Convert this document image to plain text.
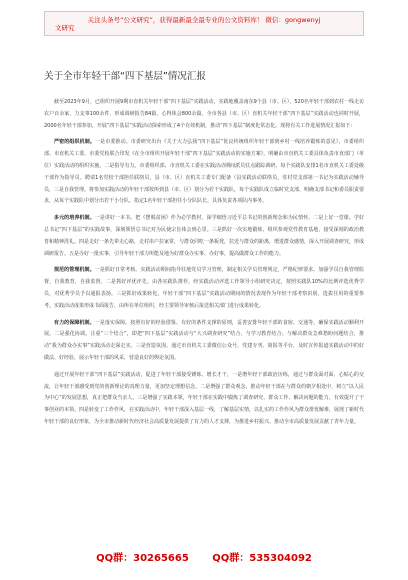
关注头条号“公文研究”，获得最新最全最专业的公文资料库！ 微信：gongwenyj
文研究
关于全市年轻干部“四下基层”情况汇报

截至2023年9月，已组织开展9期市直机关年轻干部“四下基层”实践活动，实践地覆盖南东9个县（市、区），520名年轻干部到农村一线走访农户百余家，力支事100余件，形成调研报告84篇，心得体会800余篇。全市各县（市、区）直机关年轻干部“四下基层”实践活动也同时开展，2000名年轻干部参加。开展“四下基层”实践活动探索形成了4个有效机制，推动“四下基层”制度化常态化。现将有关工作进展情况汇报如下：

严密的组织机制。一是市委推动。市委研究出台《关于大力弘扬“四下基层”优良传统组织年轻干部到乡村一线培养锻炼的意见》，市委组织部、市直机关工委、市委党校联合印发《在全市组织开展年轻干部“四下基层”实践活动的实施方案》，明确由市直机关工委具体负责市直部门（单位）实践活动的组织实施。二是指导有力。市委组织部、市直机关工委在实践活动期间派员驻点跟踪调研，每个实践队安排1名市直机关工委处级干部作为指导员。聘请1名党校干部担任联络员，县（市、区）直机关工委专门配备（县实践活动联络员，驻村党支部第一书记为实践活动辅导员，三是自我管理。将参加实践活动的年轻干部按所到县（市、区）划分为若干实践队，每个实践队成立临时党支部，明确支部书记和委员职责要求，从每个实践队中划分出若干小分队，指定1名年轻干部担任小分队队长，具体负责各项队内事务。

多元的培养机制。一是讲好一本书。把《摆脱贫困》作为必学教材，深学细悟习近平总书记的创新理念和为民情怀。二是上好一堂课。学好总书记“四下基层”的实践故事，深刻领悟总书记对为民使宗旨体会到心里。三是抓好一次实地锻炼，组织参观党性教育基地，接受深刻的政治教育和精神洗礼。四是走好一条先辈走心路，走村串户拉家常，与群众同吃一条板凳，拉近与群众的距离，增进群众感情，深入开展调查研究，形成调研报告。五是办好一批实事，引导年轻干部力所能及地为好群众办实事、办好事，提高做群众工作的能力。

规范的管理机制。一是抓好日常考核。实践活动期间指导驻地党员学习管理，制定相关学员管理规定，严格纪律要求，加强学员自我管理监督，自我教育，自我监督。二是抓好评优评先。由各实践队推荐，经实践活动评选工作领导小组研究决定，按照实践队10%的比例评选优秀学员，对优秀学员予以通报表扬。三是抓好成果转化。年轻干部“四下基层”实践活动期间的情况表现作为年轻干部考察识别、选拔任用的重要参考。实践活动成果形成书面报告，由所在单位组织，经主要领导审核后报送相关部门进行成果转化。

有力的保障机制。一是落实保障。按照有好的经验借鉴、有好的条件支撑的原则，妥善安排年轻干部的食宿、交通等，确保实践活动顺利开展。二是强化协调。注重“三个结合”，即把“四下基层”实践活动与“大兴调查研究”结合、与学习教育结合、与解决群众急难愁盼问题结合，推动“我为群众办实事”实践活动走深走实。三是营造氛围。通过市直机关工委微信公众号、党建专刊、简报等平台，及时宣传报道实践活动中的好做法、好经验，展示年轻干部的风采，营造良好的舆论氛围。

通过开展年轻干部“四下基层”实践活动，促进了年轻干部接受锤炼、增长才干，一是增年轻干部政治历练，通过与群众面对面、心贴心的交流，让年轻干部感受到党的创新理论的真理力量，更加坚定理想信念。二是增强了群众观念，推动年轻干部在与群众的朝夕相处中，树立“以人民为中心”的发展思想，真正把群众当亲人。三是增强了实践本领，年轻干部在实践中锻炼了调查研究、群众工作、解决问题的能力，有效提升了干事创业的本领。四是转变了工作作风，在实践活动中，年轻干部深入基层一线，了解基层实情，以扎实的工作作风为群众排忧解难，展现了新时代年轻干部的良好形象，为全市推动新时代经济社会高质量发展提供了有力的人才支撑，为推进乡村振兴、推动全市高质量发展贡献了青年力量。

QQ群：30265665 QQ群：535304092
